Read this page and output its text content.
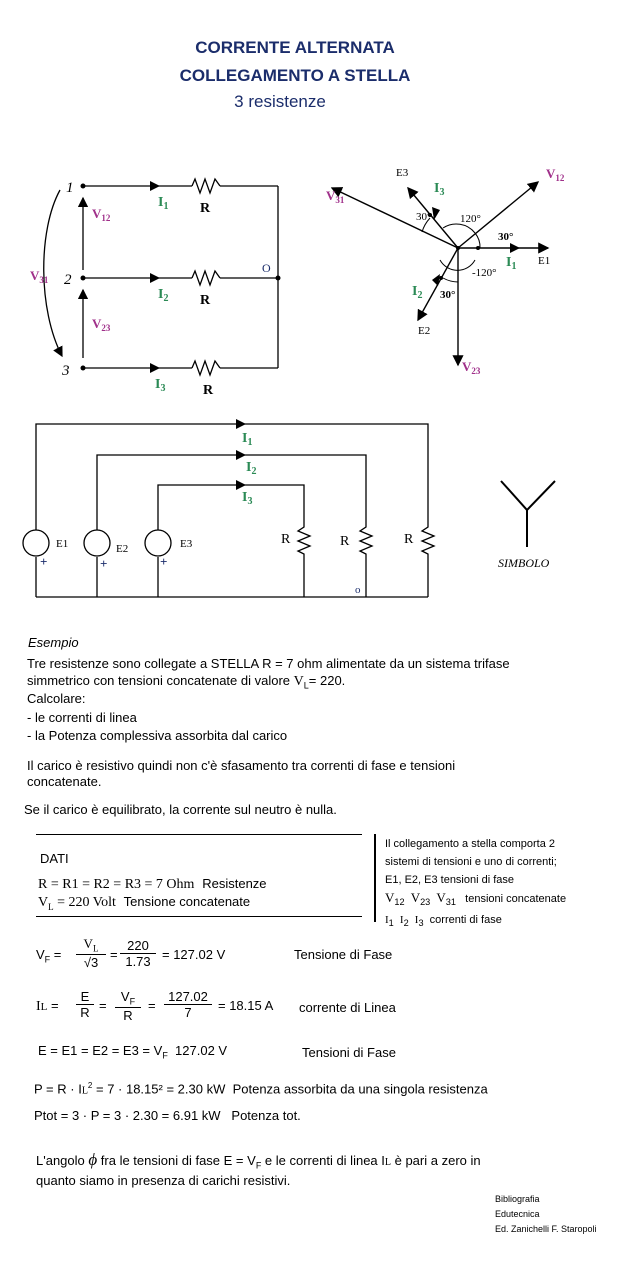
CORRENTE ALTERNATA
COLLEGAMENTO A STELLA
3 resistenze
1
2
3
R
R
R
$I_1$
$I_2$
$I_3$
$V_{12}$
$V_{23}$
$V_{31}$
O
E3
$I_3$
$V_{12}$
$V_{31}$
30°	120°
30°
$I_1$ E1
-120°
$I_2$ 30°
E2
$V_{23}$
$I_1$
$I_2$
$I_3$
E1	E2	E3
+	+	+
R	R	R
o
SIMBOLO
Esempio
Tre resistenze sono collegate a STELLA R = 7 ohm alimentate da un sistema trifase
simmetrico con tensioni concatenate di valore $V_L= 220$.
Calcolare:
- le correnti di linea
- la Potenza complessiva assorbita dal carico
Il carico è resistivo quindi non c'è sfasamento tra correnti di fase e tensioni
concatenate.
Se il carico è equilibrato, la corrente sul neutro è nulla.
DATI
R = R1 = R2 = R3 = 7 Ohm Resistenze
$V_L = 220$ Volt Tensione concatenate
Il collegamento a stella comporta 2
sistemi di tensioni e uno di correnti;
E1, E2, E3 tensioni di fase
$V_{12}$ $V_{23}$ $V_{31}$ tensioni concatenate
$I_1$ $I_2$ $I_3$ correnti di fase
$V_F = \frac{V_L}{√3} = \frac{220}{1.73} = 127.02$ V	Tensione di Fase
IL = $\frac{E}{R} = \frac{V_F}{R} = \frac{127.02}{7} = 18.15$ A corrente di Linea
$E = E1 = E2 = E3 = V_F$ 127.02 V	Tensioni di Fase
$P = R \cdot IL^2 = 7 \cdot 18.15^2 = 2.30$ kW Potenza assorbita da una singola resistenza
Ptot = 3 · P = 3 · 2.30 = 6.91 kW Potenza tot.
L'angolo ϕ fra le tensioni di fase $E = V_F$ e le correnti di linea IL è pari a zero in
quanto siamo in presenza di carichi resistivi.
Bibliografia
Edutecnica
Ed. Zanichelli F. Staropoli
